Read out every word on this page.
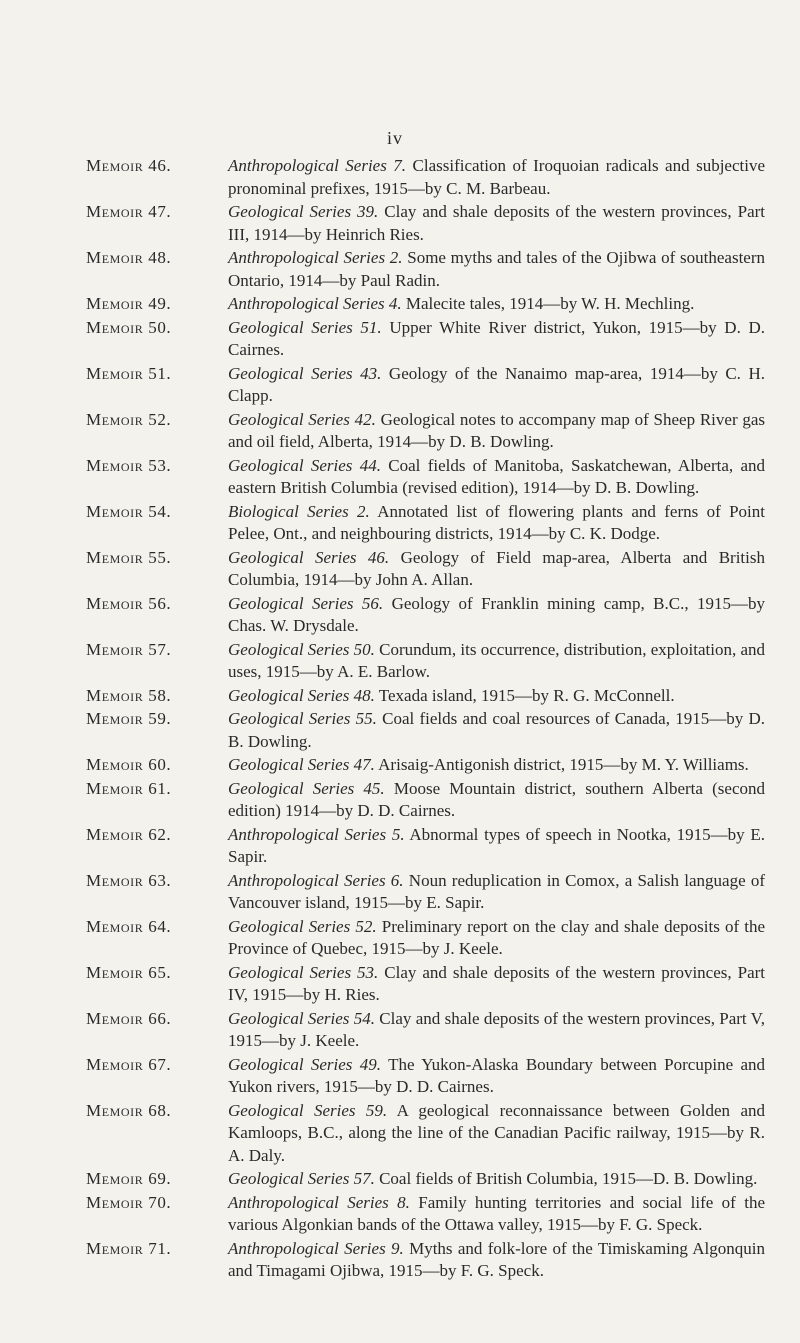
iv
Memoir 46.	Anthropological Series 7. Classification of Iroquoian radicals and subjective pronominal prefixes, 1915—by C. M. Barbeau.
Memoir 47.	Geological Series 39. Clay and shale deposits of the western provinces, Part III, 1914—by Heinrich Ries.
Memoir 48.	Anthropological Series 2. Some myths and tales of the Ojibwa of southeastern Ontario, 1914—by Paul Radin.
Memoir 49.	Anthropological Series 4. Malecite tales, 1914—by W. H. Mechling.
Memoir 50.	Geological Series 51. Upper White River district, Yukon, 1915—by D. D. Cairnes.
Memoir 51.	Geological Series 43. Geology of the Nanaimo map-area, 1914—by C. H. Clapp.
Memoir 52.	Geological Series 42. Geological notes to accompany map of Sheep River gas and oil field, Alberta, 1914—by D. B. Dowling.
Memoir 53.	Geological Series 44. Coal fields of Manitoba, Saskatchewan, Alberta, and eastern British Columbia (revised edition), 1914—by D. B. Dowling.
Memoir 54.	Biological Series 2. Annotated list of flowering plants and ferns of Point Pelee, Ont., and neighbouring districts, 1914—by C. K. Dodge.
Memoir 55.	Geological Series 46. Geology of Field map-area, Alberta and British Columbia, 1914—by John A. Allan.
Memoir 56.	Geological Series 56. Geology of Franklin mining camp, B.C., 1915—by Chas. W. Drysdale.
Memoir 57.	Geological Series 50. Corundum, its occurrence, distribution, exploitation, and uses, 1915—by A. E. Barlow.
Memoir 58.	Geological Series 48. Texada island, 1915—by R. G. McConnell.
Memoir 59.	Geological Series 55. Coal fields and coal resources of Canada, 1915—by D. B. Dowling.
Memoir 60.	Geological Series 47. Arisaig-Antigonish district, 1915—by M. Y. Williams.
Memoir 61.	Geological Series 45. Moose Mountain district, southern Alberta (second edition) 1914—by D. D. Cairnes.
Memoir 62.	Anthropological Series 5. Abnormal types of speech in Nootka, 1915—by E. Sapir.
Memoir 63.	Anthropological Series 6. Noun reduplication in Comox, a Salish language of Vancouver island, 1915—by E. Sapir.
Memoir 64.	Geological Series 52. Preliminary report on the clay and shale deposits of the Province of Quebec, 1915—by J. Keele.
Memoir 65.	Geological Series 53. Clay and shale deposits of the western provinces, Part IV, 1915—by H. Ries.
Memoir 66.	Geological Series 54. Clay and shale deposits of the western provinces, Part V, 1915—by J. Keele.
Memoir 67.	Geological Series 49. The Yukon-Alaska Boundary between Porcupine and Yukon rivers, 1915—by D. D. Cairnes.
Memoir 68.	Geological Series 59. A geological reconnaissance between Golden and Kamloops, B.C., along the line of the Canadian Pacific railway, 1915—by R. A. Daly.
Memoir 69.	Geological Series 57. Coal fields of British Columbia, 1915—D. B. Dowling.
Memoir 70.	Anthropological Series 8. Family hunting territories and social life of the various Algonkian bands of the Ottawa valley, 1915—by F. G. Speck.
Memoir 71.	Anthropological Series 9. Myths and folk-lore of the Timiskaming Algonquin and Timagami Ojibwa, 1915—by F. G. Speck.
